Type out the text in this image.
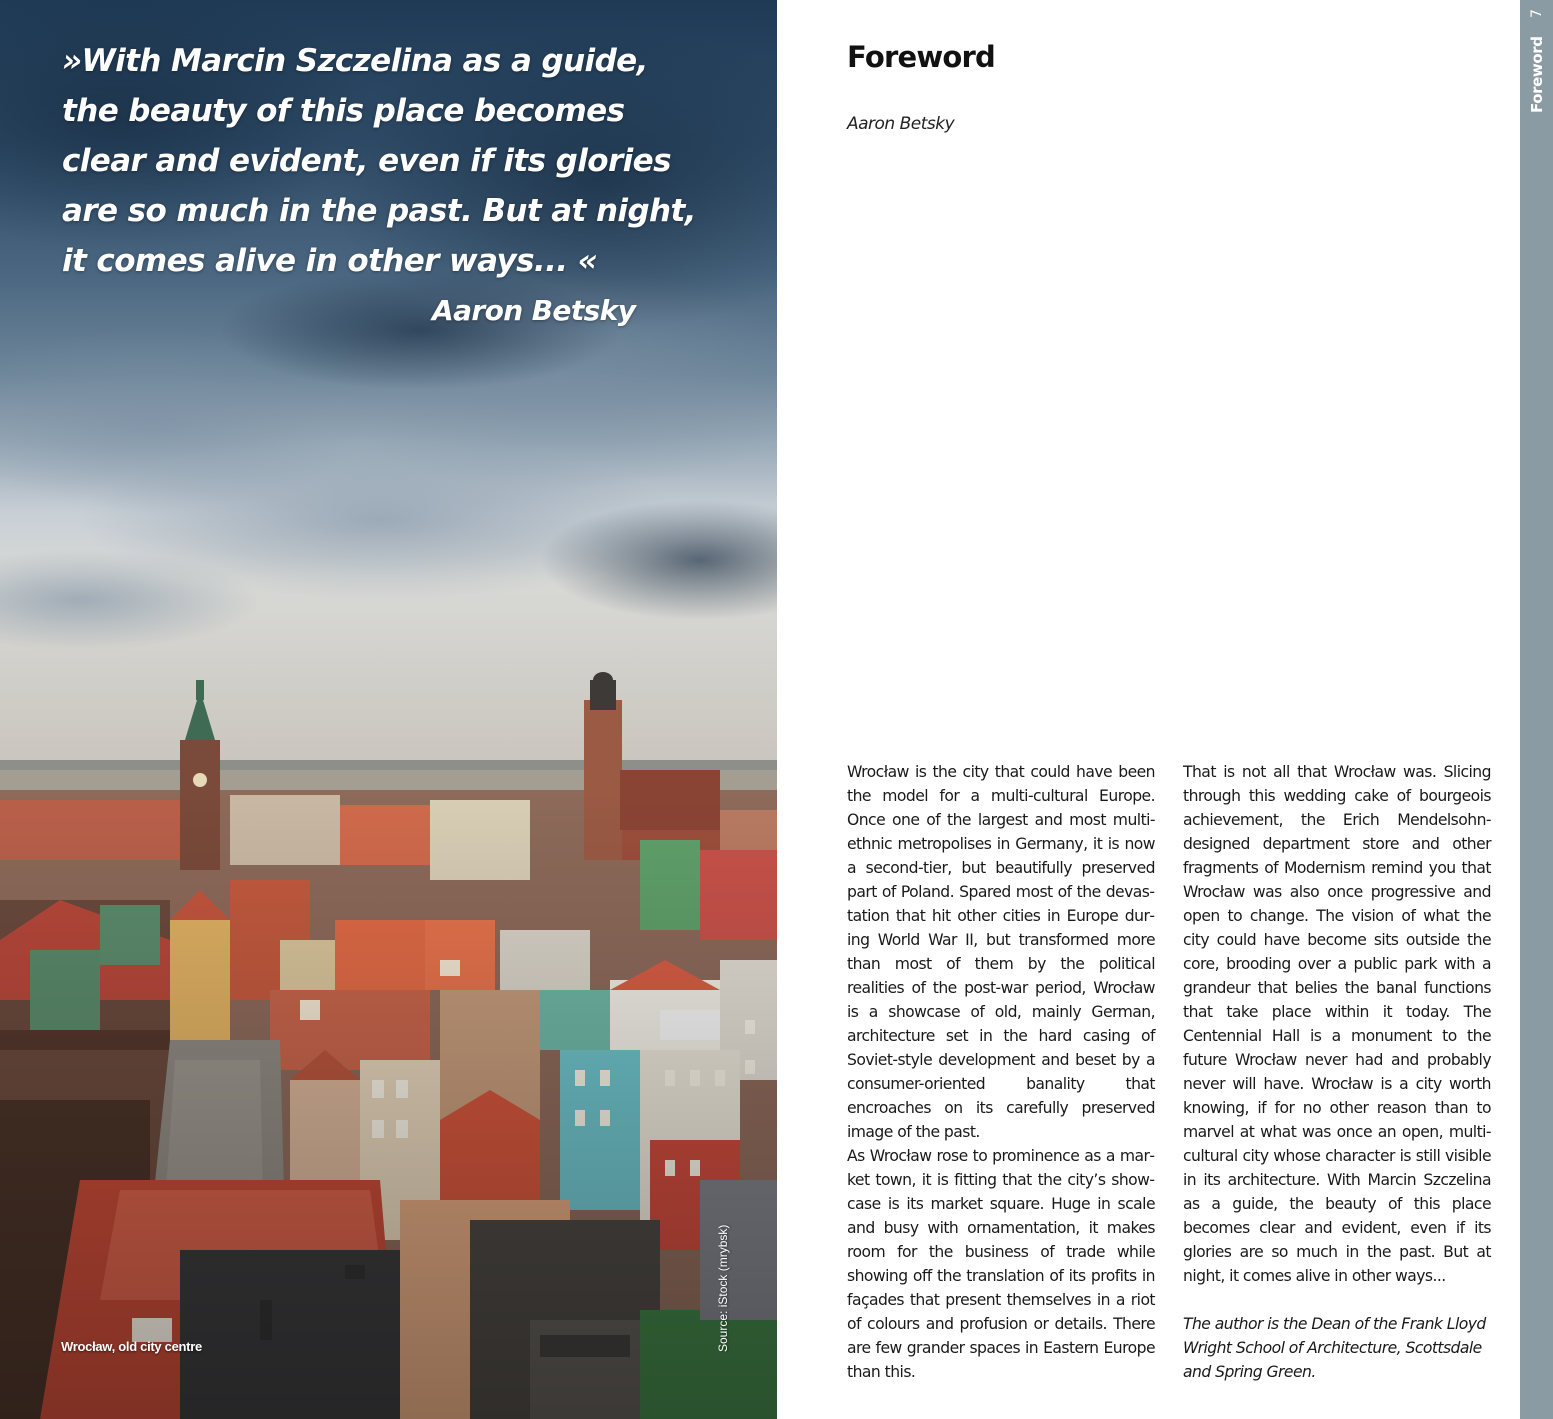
»With Marcin Szczelina as a guide,
the beauty of this place becomes
clear and evident, even if its glories
are so much in the past. But at night,
it comes alive in other ways... «

Aaron Betsky

Wrocław, old city centre	Source: iStock (mrybsk)
Foreword

Aaron Betsky

Wrocław is the city that could have been the model for a multi-cultural Europe. Once one of the largest and most multi-ethnic metropolises in Germany, it is now a second-tier, but beautifully preserved part of Poland. Spared most of the devastation that hit other cities in Europe during World War II, but transformed more than most of them by the political realities of the post-war period, Wrocław is a showcase of old, mainly German, architecture set in the hard casing of Soviet-style development and beset by a consumer-oriented banality that encroaches on its carefully preserved image of the past.

As Wrocław rose to prominence as a market town, it is fitting that the city’s showcase is its market square. Huge in scale and busy with ornamentation, it makes room for the business of trade while showing off the translation of its profits in façades that present themselves in a riot of colours and profusion or details. There are few grander spaces in Eastern Europe than this.

That is not all that Wrocław was. Slicing through this wedding cake of bourgeois achievement, the Erich Mendelsohn-designed department store and other fragments of Modernism remind you that Wrocław was also once progressive and open to change. The vision of what the city could have become sits outside the core, brooding over a public park with a grandeur that belies the banal functions that take place within it today. The Centennial Hall is a monument to the future Wrocław never had and probably never will have. Wrocław is a city worth knowing, if for no other reason than to marvel at what was once an open, multi-cultural city whose character is still visible in its architecture. With Marcin Szczelina as a guide, the beauty of this place becomes clear and evident, even if its glories are so much in the past. But at night, it comes alive in other ways...

The author is the Dean of the Frank Lloyd Wright School of Architecture, Scottsdale and Spring Green.

7
Foreword
